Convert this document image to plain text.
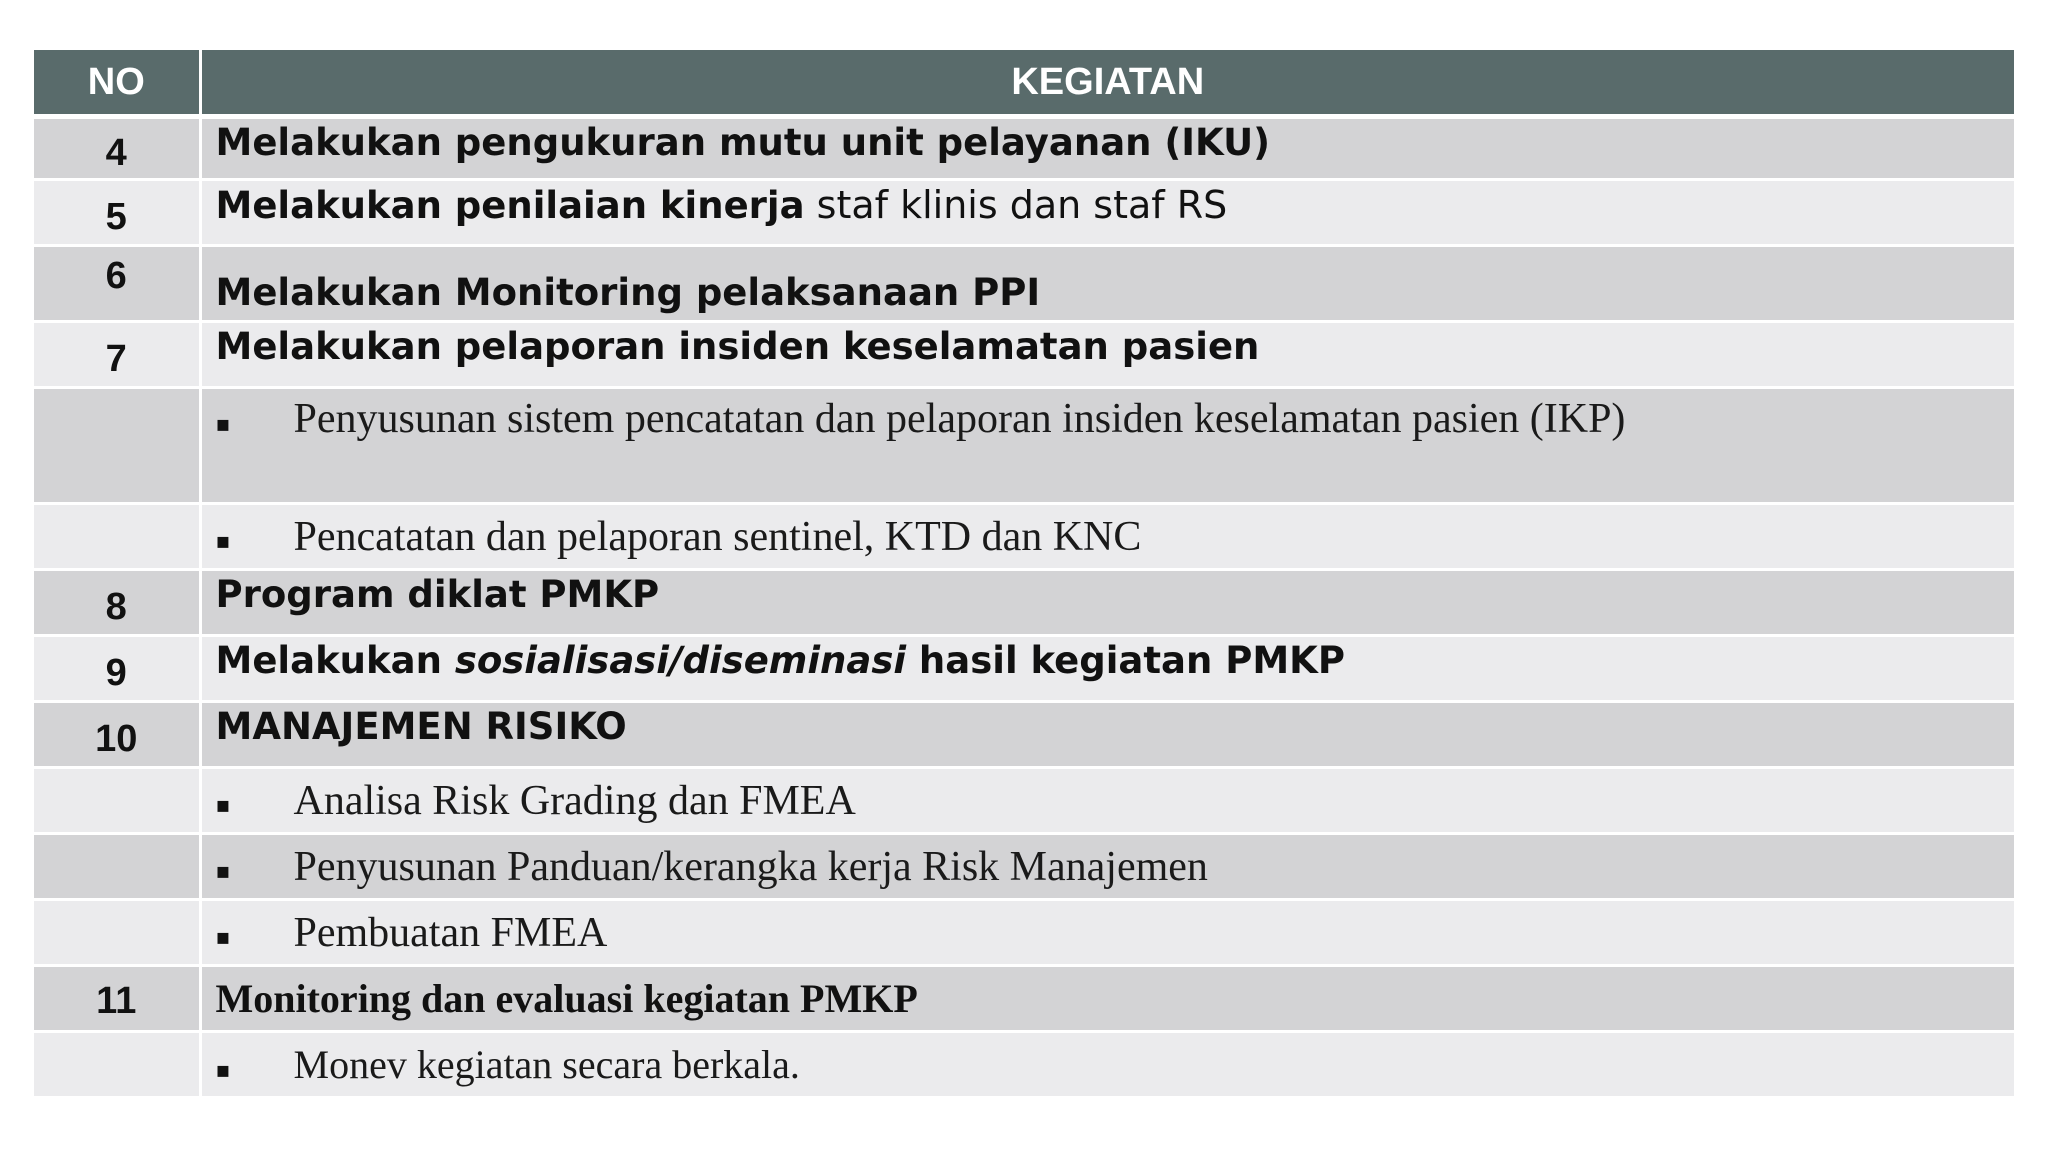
NO	KEGIATAN
4	Melakukan pengukuran mutu unit pelayanan (IKU)
5	Melakukan penilaian kinerja staf klinis dan staf RS
6	Melakukan Monitoring pelaksanaan PPI
7	Melakukan pelaporan insiden keselamatan pasien
	▪ Penyusunan sistem pencatatan dan pelaporan insiden keselamatan pasien (IKP)
	▪ Pencatatan dan pelaporan sentinel, KTD dan KNC
8	Program diklat PMKP
9	Melakukan sosialisasi/diseminasi hasil kegiatan PMKP
10	MANAJEMEN RISIKO
	▪ Analisa Risk Grading dan FMEA
	▪ Penyusunan Panduan/kerangka kerja Risk Manajemen
	▪ Pembuatan FMEA
11	Monitoring dan evaluasi kegiatan PMKP
	▪ Monev kegiatan secara berkala.
